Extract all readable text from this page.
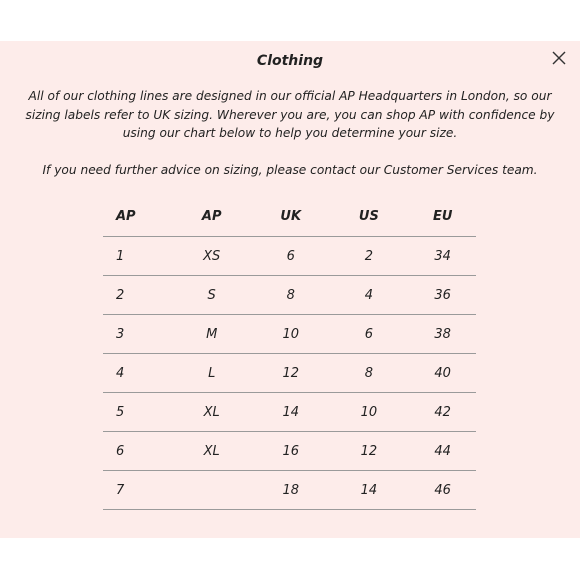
Clothing

All of our clothing lines are designed in our official AP Headquarters in London, so our sizing labels refer to UK sizing. Wherever you are, you can shop AP with confidence by using our chart below to help you determine your size.

If you need further advice on sizing, please contact our Customer Services team.

AP	AP	UK	US	EU
1	XS	6	2	34
2	S	8	4	36
3	M	10	6	38
4	L	12	8	40
5	XL	14	10	42
6	XL	16	12	44
7		18	14	46
